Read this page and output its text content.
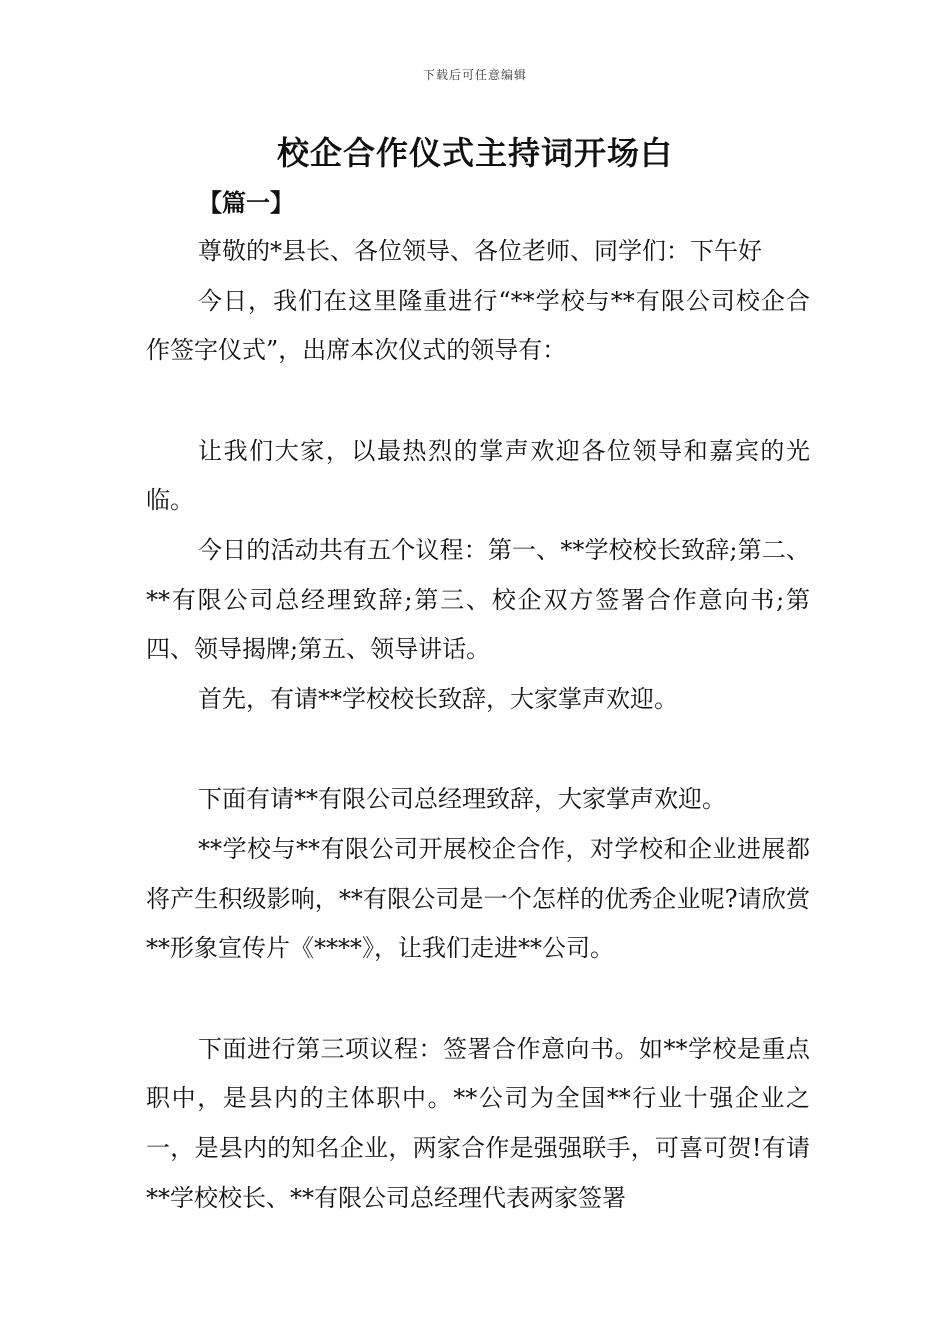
下载后可任意编辑
校企合作仪式主持词开场白

【篇一】

尊敬的*县长、各位领导、各位老师、同学们：下午好

今日，我们在这里隆重进行“**学校与**有限公司校企合作签字仪式”，出席本次仪式的领导有：

让我们大家，以最热烈的掌声欢迎各位领导和嘉宾的光临。

今日的活动共有五个议程：第一、**学校校长致辞;第二、**有限公司总经理致辞;第三、校企双方签署合作意向书;第四、领导揭牌;第五、领导讲话。

首先，有请**学校校长致辞，大家掌声欢迎。

下面有请**有限公司总经理致辞，大家掌声欢迎。

**学校与**有限公司开展校企合作，对学校和企业进展都将产生积级影响，**有限公司是一个怎样的优秀企业呢?请欣赏**形象宣传片《****》，让我们走进**公司。

下面进行第三项议程：签署合作意向书。如**学校是重点职中，是县内的主体职中。**公司为全国**行业十强企业之一，是县内的知名企业，两家合作是强强联手，可喜可贺!有请**学校校长、**有限公司总经理代表两家签署
